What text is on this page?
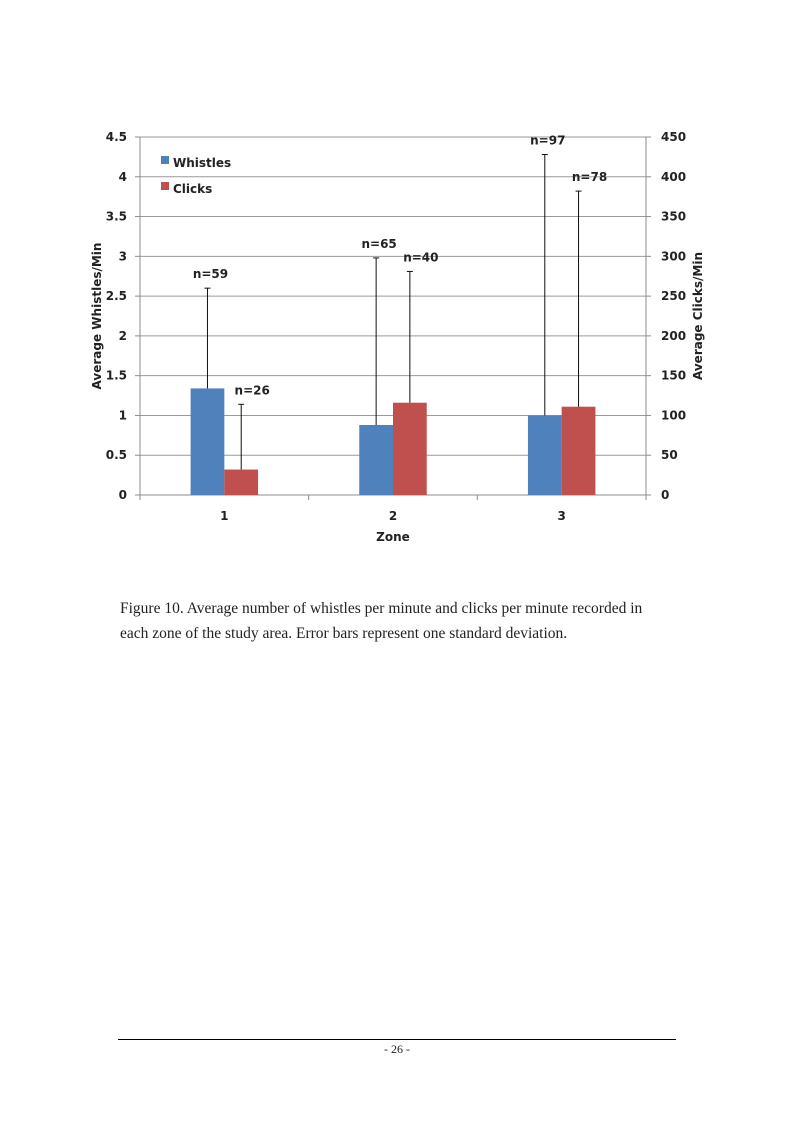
0
0.5
1
1.5
2
2.5
3
3.5
4
4.5
0
50
100
150
200
250
300
350
400
450
1	2	3
n=59
n=65
n=97
n=26
n=40
n=78
Whistles
Clicks
Zone
Average Whistles/Min	Average Clicks/Min
Figure 10. Average number of whistles per minute and clicks per minute recorded in
each zone of the study area. Error bars represent one standard deviation.
- 26 -
